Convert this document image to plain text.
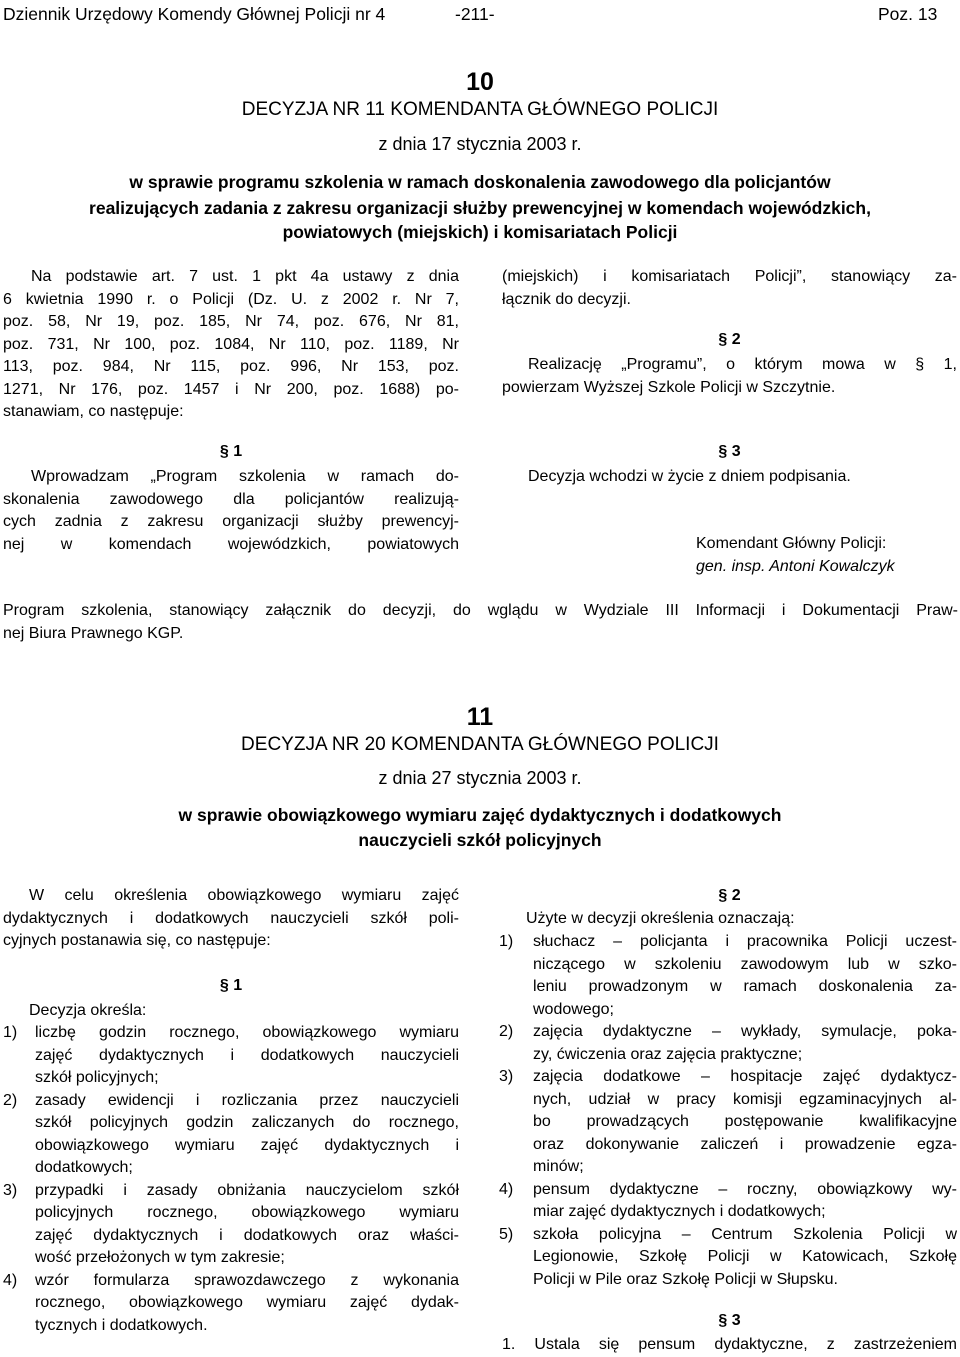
Dziennik Urzędowy Komendy Głównej Policji nr 4	-211-	Poz. 13
10
DECYZJA NR 11 KOMENDANTA GŁÓWNEGO POLICJI
z dnia 17 stycznia 2003 r.
w sprawie programu szkolenia w ramach doskonalenia zawodowego dla policjantów
realizujących zadania z zakresu organizacji służby prewencyjnej w komendach wojewódzkich,
powiatowych (miejskich) i komisariatach Policji
Na podstawie art. 7 ust. 1 pkt 4a ustawy z dnia
6 kwietnia 1990 r. o Policji (Dz. U. z 2002 r. Nr 7,
poz. 58, Nr 19, poz. 185, Nr 74, poz. 676, Nr 81,
poz. 731, Nr 100, poz. 1084, Nr 110, poz. 1189, Nr
113, poz. 984, Nr 115, poz. 996, Nr 153, poz.
1271, Nr 176, poz. 1457 i Nr 200, poz. 1688) po-
stanawiam, co następuje:
§ 1
Wprowadzam „Program szkolenia w ramach do-
skonalenia zawodowego dla policjantów realizują-
cych zadnia z zakresu organizacji służby prewencyj-
nej w komendach wojewódzkich, powiatowych
(miejskich) i komisariatach Policji”, stanowiący za-
łącznik do decyzji.
§ 2
Realizację „Programu”, o którym mowa w § 1,
powierzam Wyższej Szkole Policji w Szczytnie.
§ 3
Decyzja wchodzi w życie z dniem podpisania.
Komendant Główny Policji:
gen. insp. Antoni Kowalczyk
Program szkolenia, stanowiący załącznik do decyzji, do wglądu w Wydziale III Informacji i Dokumentacji Praw-
nej Biura Prawnego KGP.
11
DECYZJA NR 20 KOMENDANTA GŁÓWNEGO POLICJI
z dnia 27 stycznia 2003 r.
w sprawie obowiązkowego wymiaru zajęć dydaktycznych i dodatkowych
nauczycieli szkół policyjnych
W celu określenia obowiązkowego wymiaru zajęć
dydaktycznych i dodatkowych nauczycieli szkół poli-
cyjnych postanawia się, co następuje:
§ 1
Decyzja określa:
1) liczbę godzin rocznego, obowiązkowego wymiaru
zajęć dydaktycznych i dodatkowych nauczycieli
szkół policyjnych;
2) zasady ewidencji i rozliczania przez nauczycieli
szkół policyjnych godzin zaliczanych do rocznego,
obowiązkowego wymiaru zajęć dydaktycznych i
dodatkowych;
3) przypadki i zasady obniżania nauczycielom szkół
policyjnych rocznego, obowiązkowego wymiaru
zajęć dydaktycznych i dodatkowych oraz właści-
wość przełożonych w tym zakresie;
4) wzór formularza sprawozdawczego z wykonania
rocznego, obowiązkowego wymiaru zajęć dydak-
tycznych i dodatkowych.
§ 2
Użyte w decyzji określenia oznaczają:
1) słuchacz – policjanta i pracownika Policji uczest-
niczącego w szkoleniu zawodowym lub w szko-
leniu prowadzonym w ramach doskonalenia za-
wodowego;
2) zajęcia dydaktyczne – wykłady, symulacje, poka-
zy, ćwiczenia oraz zajęcia praktyczne;
3) zajęcia dodatkowe – hospitacje zajęć dydaktycz-
nych, udział w pracy komisji egzaminacyjnych al-
bo prowadzących postępowanie kwalifikacyjne
oraz dokonywanie zaliczeń i prowadzenie egza-
minów;
4) pensum dydaktyczne – roczny, obowiązkowy wy-
miar zajęć dydaktycznych i dodatkowych;
5) szkoła policyjna – Centrum Szkolenia Policji w
Legionowie, Szkołę Policji w Katowicach, Szkołę
Policji w Pile oraz Szkołę Policji w Słupsku.
§ 3
1. Ustala się pensum dydaktyczne, z zastrzeżeniem
